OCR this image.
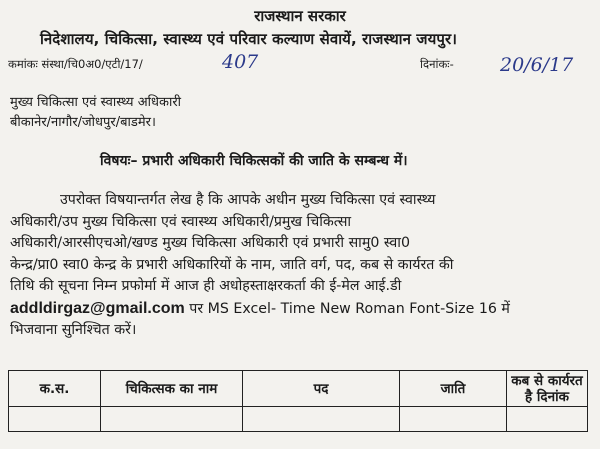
राजस्थान सरकार
निदेशालय, चिकित्सा, स्वास्थ्य एवं परिवार कल्याण सेवायें, राजस्थान जयपुर।
कमांकः संस्था/चि0अ0/एटी/17/	407	दिनांकः- 20/6/17
मुख्य चिकित्सा एवं स्वास्थ्य अधिकारी
बीकानेर/नागौर/जोधपुर/बाडमेर।
विषयः– प्रभारी अधिकारी चिकित्सकों की जाति के सम्बन्ध में।
उपरोक्त विषयान्तर्गत लेख है कि आपके अधीन मुख्य चिकित्सा एवं स्वास्थ्य
अधिकारी/उप मुख्य चिकित्सा एवं स्वास्थ्य अधिकारी/प्रमुख चिकित्सा
अधिकारी/आरसीएचओ/खण्ड मुख्य चिकित्सा अधिकारी एवं प्रभारी सामु0 स्वा0
केन्द्र/प्रा0 स्वा0 केन्द्र के प्रभारी अधिकारियों के नाम, जाति वर्ग, पद, कब से कार्यरत की
तिथि की सूचना निम्न प्रफोर्मा में आज ही अधोहस्ताक्षरकर्ता की ई-मेल आई.डी
addldirgaz@gmail.com पर MS Excel- Time New Roman Font-Size 16 में
भिजवाना सुनिश्चित करें।
क.स.	चिकित्सक का नाम	पद	जाति	कब से कार्यरत है दिनांक
